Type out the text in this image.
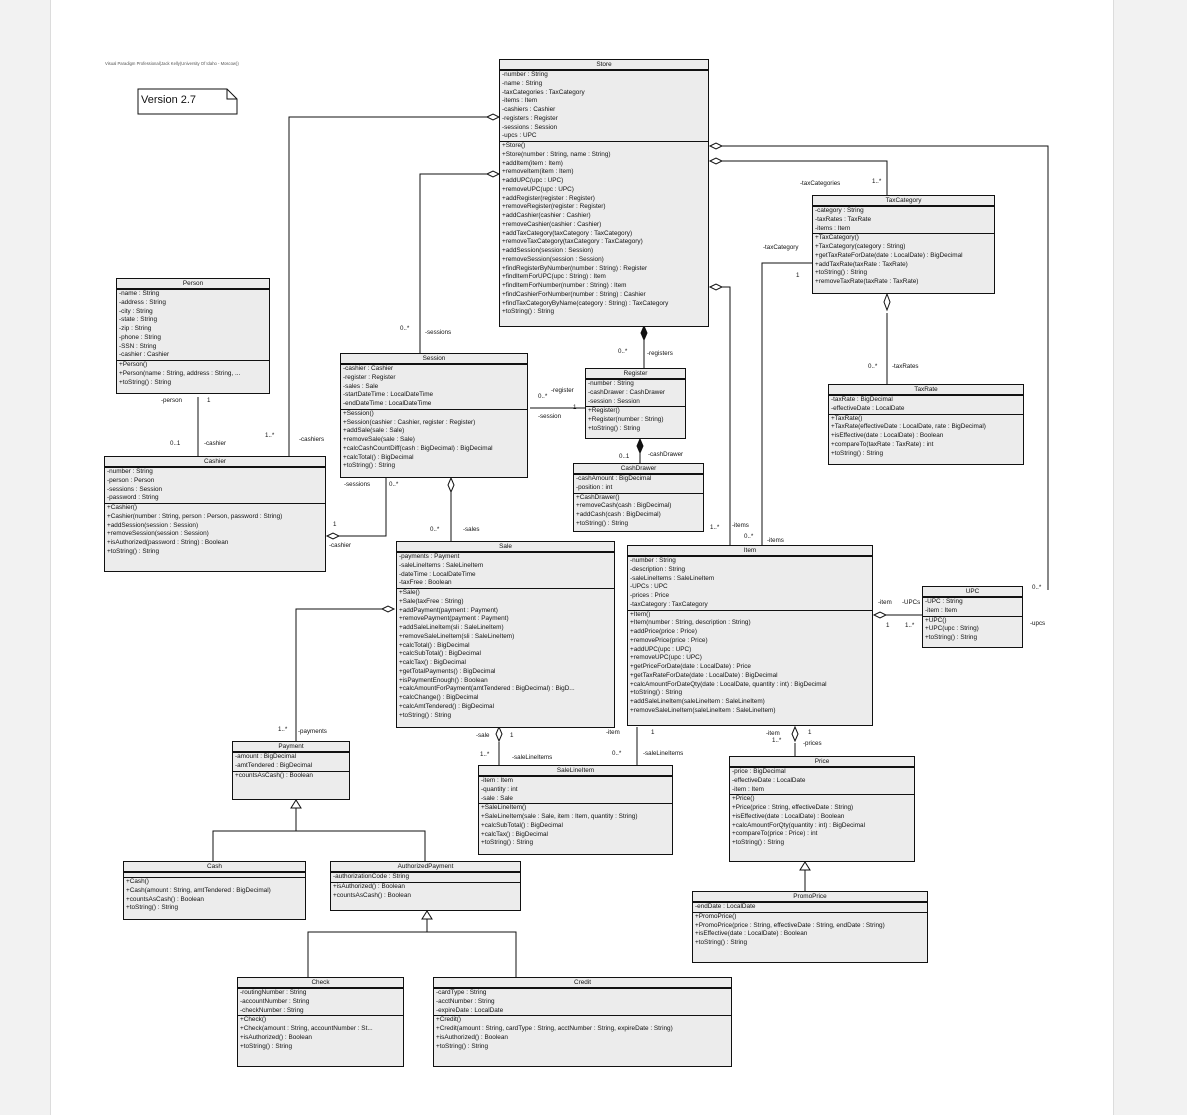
Visual Paradigm Professional(Jack Kelly(University Of Idaho - Moscow))
Version 2.7
Store
-number : String
-name : String
-taxCategories : TaxCategory
-items : Item
-cashiers : Cashier
-registers : Register
-sessions : Session
-upcs : UPC
+Store()
+Store(number : String, name : String)
+addItem(item : Item)
+removeItem(item : Item)
+addUPC(upc : UPC)
+removeUPC(upc : UPC)
+addRegister(register : Register)
+removeRegister(register : Register)
+addCashier(cashier : Cashier)
+removeCashier(cashier : Cashier)
+addTaxCategory(taxCategory : TaxCategory)
+removeTaxCategory(taxCategory : TaxCategory)
+addSession(session : Session)
+removeSession(session : Session)
+findRegisterByNumber(number : String) : Register
+findItemForUPC(upc : String) : Item
+findItemForNumber(number : String) : Item
+findCashierForNumber(number : String) : Cashier
+findTaxCategoryByName(category : String) : TaxCategory
+toString() : String
TaxCategory
-category : String
-taxRates : TaxRate
-items : Item
+TaxCategory()
+TaxCategory(category : String)
+getTaxRateForDate(date : LocalDate) : BigDecimal
+addTaxRate(taxRate : TaxRate)
+toString() : String
+removeTaxRate(taxRate : TaxRate)
Person
-name : String
-address : String
-city : String
-state : String
-zip : String
-phone : String
-SSN : String
-cashier : Cashier
+Person()
+Person(name : String, address : String, ...
+toString() : String
Session
-cashier : Cashier
-register : Register
-sales : Sale
-startDateTime : LocalDateTime
-endDateTime : LocalDateTime
+Session()
+Session(cashier : Cashier, register : Register)
+addSale(sale : Sale)
+removeSale(sale : Sale)
+calcCashCountDiff(cash : BigDecimal) : BigDecimal
+calcTotal() : BigDecimal
+toString() : String
Register
-number : String
-cashDrawer : CashDrawer
-session : Session
+Register()
+Register(number : String)
+toString() : String
TaxRate
-taxRate : BigDecimal
-effectiveDate : LocalDate
+TaxRate()
+TaxRate(effectiveDate : LocalDate, rate : BigDecimal)
+isEffective(date : LocalDate) : Boolean
+compareTo(taxRate : TaxRate) : int
+toString() : String
Cashier
-number : String
-person : Person
-sessions : Session
-password : String
+Cashier()
+Cashier(number : String, person : Person, password : String)
+addSession(session : Session)
+removeSession(session : Session)
+isAuthorized(password : String) : Boolean
+toString() : String
CashDrawer
-cashAmount : BigDecimal
-position : int
+CashDrawer()
+removeCash(cash : BigDecimal)
+addCash(cash : BigDecimal)
+toString() : String
Sale
-payments : Payment
-saleLineItems : SaleLineItem
-dateTime : LocalDateTime
-taxFree : Boolean
+Sale()
+Sale(taxFree : String)
+addPayment(payment : Payment)
+removePayment(payment : Payment)
+addSaleLineItem(sli : SaleLineItem)
+removeSaleLineItem(sli : SaleLineItem)
+calcTotal() : BigDecimal
+calcSubTotal() : BigDecimal
+calcTax() : BigDecimal
+getTotalPayments() : BigDecimal
+isPaymentEnough() : Boolean
+calcAmountForPayment(amtTendered : BigDecimal) : BigD...
+calcChange() : BigDecimal
+calcAmtTendered() : BigDecimal
+toString() : String
Item
-number : String
-description : String
-saleLineItems : SaleLineItem
-UPCs : UPC
-prices : Price
-taxCategory : TaxCategory
+Item()
+Item(number : String, description : String)
+addPrice(price : Price)
+removePrice(price : Price)
+addUPC(upc : UPC)
+removeUPC(upc : UPC)
+getPriceForDate(date : LocalDate) : Price
+getTaxRateForDate(date : LocalDate) : BigDecimal
+calcAmountForDateQty(date : LocalDate, quantity : int) : BigDecimal
+toString() : String
+addSaleLineItem(saleLineItem : SaleLineItem)
+removeSaleLineItem(saleLineItem : SaleLineItem)
UPC
-UPC : String
-item : Item
+UPC()
+UPC(upc : String)
+toString() : String
Payment
-amount : BigDecimal
-amtTendered : BigDecimal
+countsAsCash() : Boolean
SaleLineItem
-item : Item
-quantity : int
-sale : Sale
+SaleLineItem()
+SaleLineItem(sale : Sale, item : Item, quantity : String)
+calcSubTotal() : BigDecimal
+calcTax() : BigDecimal
+toString() : String
Price
-price : BigDecimal
-effectiveDate : LocalDate
-item : Item
+Price()
+Price(price : String, effectiveDate : String)
+isEffective(date : LocalDate) : Boolean
+calcAmountForQty(quantity : int) : BigDecimal
+compareTo(price : Price) : int
+toString() : String
Cash
+Cash()
+Cash(amount : String, amtTendered : BigDecimal)
+countsAsCash() : Boolean
+toString() : String
AuthorizedPayment
-authorizationCode : String
+isAuthorized() : Boolean
+countsAsCash() : Boolean	PromoPrice
-endDate : LocalDate
+PromoPrice()
+PromoPrice(price : String, effectiveDate : String, endDate : String)
+isEffective(date : LocalDate) : Boolean
+toString() : String
Check
-routingNumber : String
-accountNumber : String
-checkNumber : String
+Check()
+Check(amount : String, accountNumber : St...
+isAuthorized() : Boolean
+toString() : String
Credit
-cardType : String
-acctNumber : String
-expireDate : LocalDate
+Credit()
+Credit(amount : String, cardType : String, acctNumber : String, expireDate : String)
+isAuthorized() : Boolean
+toString() : String
-taxCategories	1..*
-taxCategory
1
-sessions
0..*
-registers
0..*
-register
0..*
-session
1
-cashDrawer
0..1
-taxRates
0..*
-person	1
-cashier
0..1
-cashiers
1..*
-sessions	0..*
-cashier
1
-sales
0..*
-items
1..*
-items
0..*
-upcs
0..*
-item
1
-UPCs
1..*
-payments
1..*
-sale	1
-saleLineItems
1..*
-item	1
-saleLineItems
0..*
-item	1
-prices
1..*
